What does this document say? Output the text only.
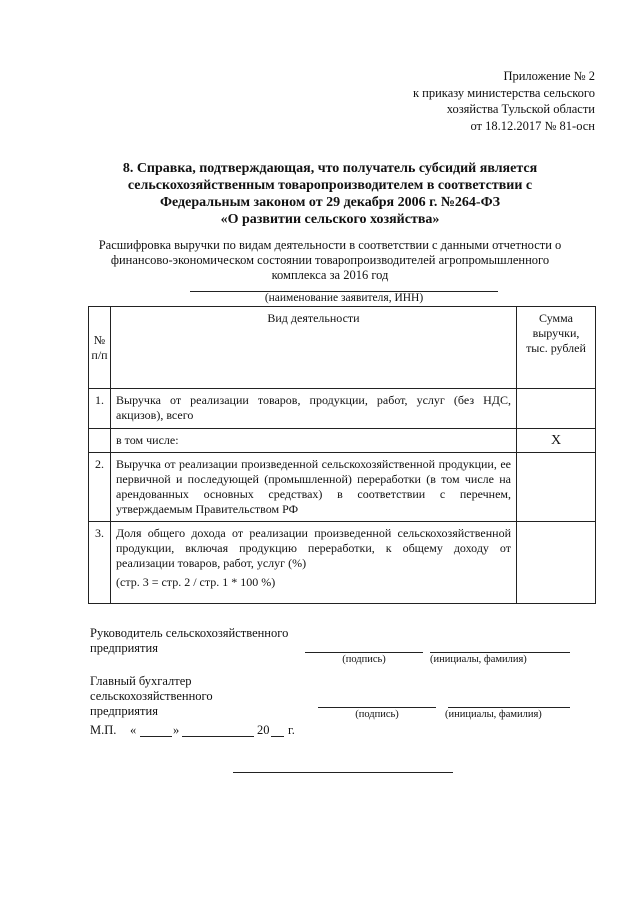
Приложение № 2
к приказу министерства сельского
хозяйства Тульской области
от 18.12.2017 № 81-осн
8. Справка, подтверждающая, что получатель субсидий является
сельскохозяйственным товаропроизводителем в соответствии с
Федеральным законом от 29 декабря 2006 г. №264-ФЗ
«О развитии сельского хозяйства»
Расшифровка выручки по видам деятельности в соответствии с данными отчетности о
финансово-экономическом состоянии товаропроизводителей агропромышленного
комплекса за 2016 год
(наименование заявителя, ИНН)
№ п/п	Вид деятельности	Сумма выручки, тыс. рублей
1.	Выручка от реализации товаров, продукции, работ, услуг (без НДС, акцизов), всего	
	в том числе:	X
2.	Выручка от реализации произведенной сельскохозяйственной продукции, ее первичной и последующей (промышленной) переработки (в том числе на арендованных основных средствах) в соответствии с перечнем, утверждаемым Правительством РФ	
3.	Доля общего дохода от реализации произведенной сельскохозяйственной продукции, включая продукцию переработки, к общему доходу от реализации товаров, работ, услуг (%)
(стр. 3 = стр. 2 / стр. 1 * 100 %)	

Руководитель сельскохозяйственного
предприятия
(подпись)	(инициалы, фамилия)
Главный бухгалтер
сельскохозяйственного
предприятия	(подпись)	(инициалы, фамилия)
М.П. «	»	20 г.
